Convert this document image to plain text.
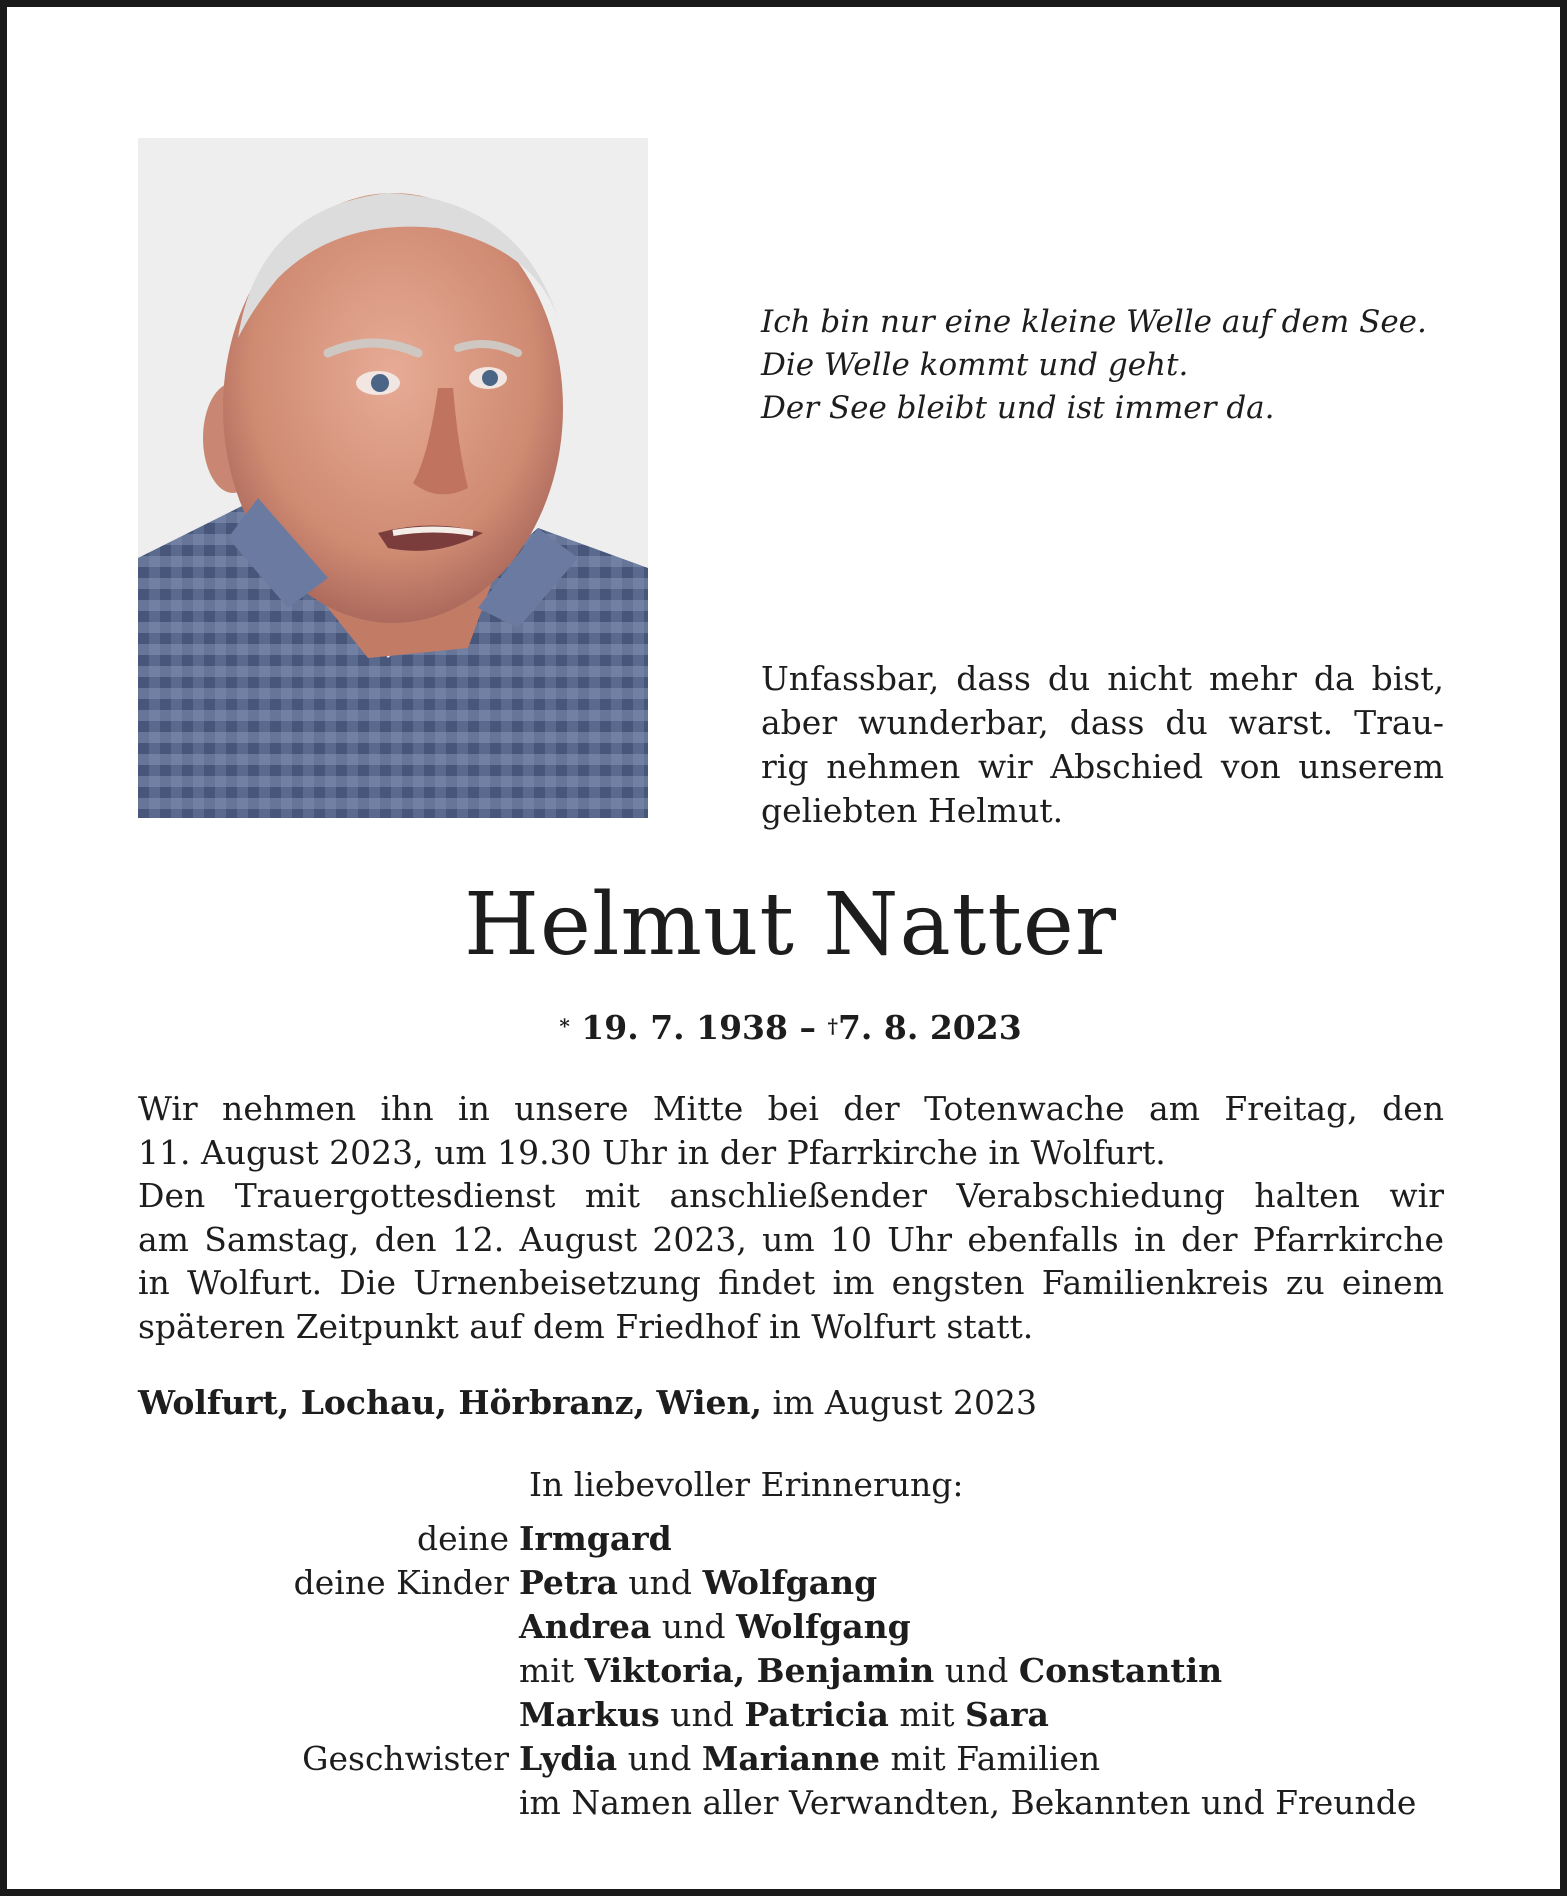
Ich bin nur eine kleine Welle auf dem See.
Die Welle kommt und geht.
Der See bleibt und ist immer da.
Unfassbar, dass du nicht mehr da bist,
aber wunderbar, dass du warst. Trau-
rig nehmen wir Abschied von unserem
geliebten Helmut.
Helmut Natter
* 19. 7. 1938 – †7. 8. 2023
Wir nehmen ihn in unsere Mitte bei der Totenwache am Freitag, den
11. August 2023, um 19.30 Uhr in der Pfarrkirche in Wolfurt.
Den Trauergottesdienst mit anschließender Verabschiedung halten wir
am Samstag, den 12. August 2023, um 10 Uhr ebenfalls in der Pfarrkirche
in Wolfurt. Die Urnenbeisetzung findet im engsten Familienkreis zu einem
späteren Zeitpunkt auf dem Friedhof in Wolfurt statt.
Wolfurt, Lochau, Hörbranz, Wien, im August 2023
In liebevoller Erinnerung:
deine Irmgard
deine Kinder Petra und Wolfgang
Andrea und Wolfgang
mit Viktoria, Benjamin und Constantin
Markus und Patricia mit Sara
Geschwister Lydia und Marianne mit Familien
im Namen aller Verwandten, Bekannten und Freunde
